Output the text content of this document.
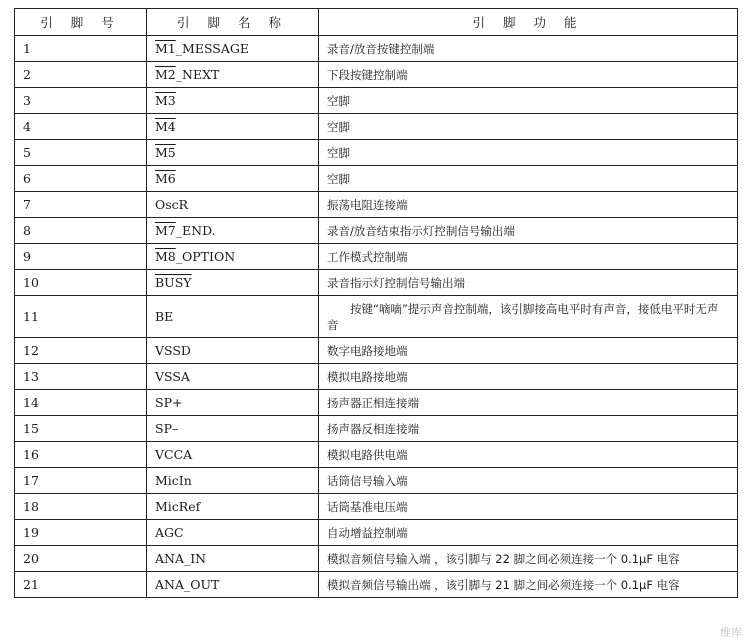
引 脚 号	引 脚 名 称	引 脚 功 能
1	M1_MESSAGE	录音/放音按键控制端
2	M2_NEXT	下段按键控制端
3	M3	空脚
4	M4	空脚
5	M5	空脚
6	M6	空脚
7	OscR	振荡电阻连接端
8	M7_END.	录音/放音结束指示灯控制信号输出端
9	M8_OPTION	工作模式控制端
10	BUSY	录音指示灯控制信号输出端
11	BE	按键“嘀嘀”提示声音控制端，该引脚接高电平时有声音，接低电平时无声音
12	VSSD	数字电路接地端
13	VSSA	模拟电路接地端
14	SP+	扬声器正相连接端
15	SP–	扬声器反相连接端
16	VCCA	模拟电路供电端
17	MicIn	话筒信号输入端
18	MicRef	话筒基准电压端
19	AGC	自动增益控制端
20	ANA_IN	模拟音频信号输入端 ，该引脚与 22 脚之间必须连接一个 0.1μF 电容
21	ANA_OUT	模拟音频信号输出端 ，该引脚与 21 脚之间必须连接一个 0.1μF 电容
维库
